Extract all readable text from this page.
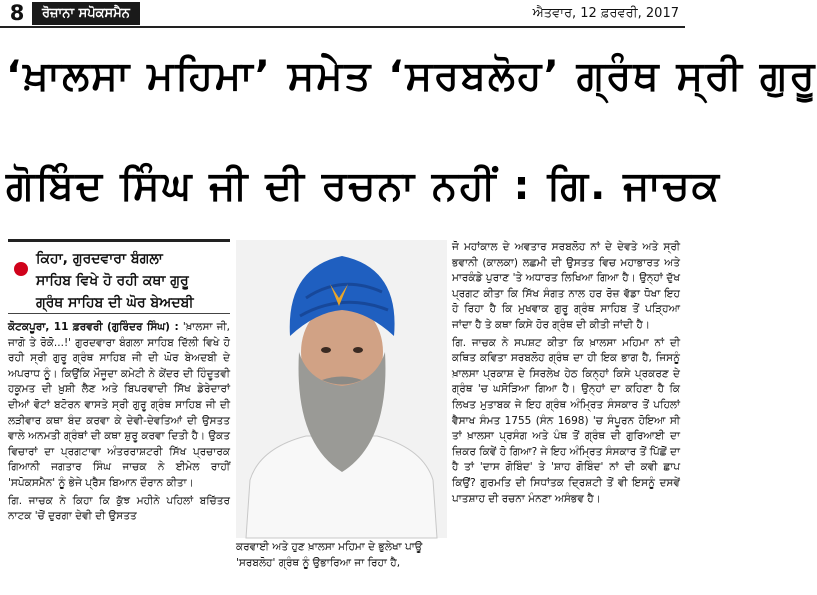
8	ਰੋਜ਼ਾਨਾ ਸਪੋਕਸਮੈਨ	ਐਤਵਾਰ, 12 ਫ਼ਰਵਰੀ, 2017
‘ਖ਼ਾਲਸਾ ਮਹਿਮਾ’ ਸਮੇਤ ‘ਸਰਬਲੋਹ’ ਗ੍ਰੰਥ ਸ੍ਰੀ ਗੁਰੂ
ਗੋਬਿੰਦ ਸਿੰਘ ਜੀ ਦੀ ਰਚਨਾ ਨਹੀਂ : ਗਿ. ਜਾਚਕ
ਕਿਹਾ, ਗੁਰਦਵਾਰਾ ਬੰਗਲਾ
ਸਾਹਿਬ ਵਿਖੇ ਹੋ ਰਹੀ ਕਥਾ ਗੁਰੂ
ਗ੍ਰੰਥ ਸਾਹਿਬ ਦੀ ਘੋਰ ਬੇਅਦਬੀ

ਕੋਟਕਪੂਰਾ, 11 ਫ਼ਰਵਰੀ (ਗੁਰਿੰਦਰ ਸਿੰਘ) : 'ਖ਼ਾਲਸਾ ਜੀ, ਜਾਗੋ ਤੇ ਰੋਕੋ...!' ਗੁਰਦਵਾਰਾ ਬੰਗਲਾ ਸਾਹਿਬ ਦਿੱਲੀ ਵਿਖੇ ਹੋ ਰਹੀ ਸ੍ਰੀ ਗੁਰੂ ਗ੍ਰੰਥ ਸਾਹਿਬ ਜੀ ਦੀ ਘੋਰ ਬੇਅਦਬੀ ਦੇ ਅਪਰਾਧ ਨੂੰ। ਕਿਉਂਕਿ ਮੌਜੂਦਾ ਕਮੇਟੀ ਨੇ ਕੇਂਦਰ ਦੀ ਹਿੰਦੂਤਵੀ ਹਕੂਮਤ ਦੀ ਖ਼ੁਸ਼ੀ ਲੈਣ ਅਤੇ ਬਿਪਰਵਾਦੀ ਸਿੱਖ ਡੇਰੇਦਾਰਾਂ ਦੀਆਂ ਵੋਟਾਂ ਬਟੋਰਨ ਵਾਸਤੇ ਸ੍ਰੀ ਗੁਰੂ ਗ੍ਰੰਥ ਸਾਹਿਬ ਜੀ ਦੀ ਲੜੀਵਾਰ ਕਥਾ ਬੰਦ ਕਰਵਾ ਕੇ ਦੇਵੀ-ਦੇਵਤਿਆਂ ਦੀ ਉਸਤਤ ਵਾਲੇ ਅਨਮਤੀ ਗ੍ਰੰਥਾਂ ਦੀ ਕਥਾ ਸ਼ੁਰੂ ਕਰਵਾ ਦਿਤੀ ਹੈ। ਉਕਤ ਵਿਚਾਰਾਂ ਦਾ ਪ੍ਰਗਟਾਵਾ ਅੰਤਰਰਾਸ਼ਟਰੀ ਸਿੱਖ ਪ੍ਰਚਾਰਕ ਗਿਆਨੀ ਜਗਤਾਰ ਸਿੰਘ ਜਾਚਕ ਨੇ ਈਮੇਲ ਰਾਹੀਂ 'ਸਪੋਕਸਮੈਨ' ਨੂੰ ਭੇਜੇ ਪ੍ਰੈਸ ਬਿਆਨ ਦੌਰਾਨ ਕੀਤਾ।

ਗਿ. ਜਾਚਕ ਨੇ ਕਿਹਾ ਕਿ ਕੁੱਝ ਮਹੀਨੇ ਪਹਿਲਾਂ ਬਚਿੱਤਰ ਨਾਟਕ 'ਚੋਂ ਦੁਰਗਾ ਦੇਵੀ ਦੀ ਉਸਤਤ

ਕਰਵਾਈ ਅਤੇ ਹੁਣ ਖ਼ਾਲਸਾ ਮਹਿਮਾ ਦੇ ਭੁਲੇਖਾ ਪਾਊ 'ਸਰਬਲੋਹ' ਗ੍ਰੰਥ ਨੂੰ ਉਭਾਰਿਆ ਜਾ ਰਿਹਾ ਹੈ,

ਜੋ ਮਹਾਂਕਾਲ ਦੇ ਅਵਤਾਰ ਸਰਬਲੋਹ ਨਾਂ ਦੇ ਦੇਵਤੇ ਅਤੇ ਸ੍ਰੀ ਭਵਾਨੀ (ਕਾਲਕਾ) ਲਛਮੀ ਦੀ ਉਸਤਤ ਵਿਚ ਮਹਾਭਾਰਤ ਅਤੇ ਮਾਰਕੰਡੇ ਪੁਰਾਣ 'ਤੇ ਅਧਾਰਤ ਲਿਖਿਆ ਗਿਆ ਹੈ। ਉਨ੍ਹਾਂ ਦੁੱਖ ਪ੍ਰਗਟ ਕੀਤਾ ਕਿ ਸਿੱਖ ਸੰਗਤ ਨਾਲ ਹਰ ਰੋਜ਼ ਵੱਡਾ ਧੋਖਾ ਇਹ ਹੋ ਰਿਹਾ ਹੈ ਕਿ ਮੁਖਵਾਕ ਗੁਰੂ ਗ੍ਰੰਥ ਸਾਹਿਬ ਤੋਂ ਪੜ੍ਹਿਆ ਜਾਂਦਾ ਹੈ ਤੇ ਕਥਾ ਕਿਸੇ ਹੋਰ ਗ੍ਰੰਥ ਦੀ ਕੀਤੀ ਜਾਂਦੀ ਹੈ।

ਗਿ. ਜਾਚਕ ਨੇ ਸਪਸ਼ਟ ਕੀਤਾ ਕਿ ਖ਼ਾਲਸਾ ਮਹਿਮਾ ਨਾਂ ਦੀ ਕਥਿਤ ਕਵਿਤਾ ਸਰਬਲੋਹ ਗ੍ਰੰਥ ਦਾ ਹੀ ਇਕ ਭਾਗ ਹੈ, ਜਿਸਨੂੰ ਖ਼ਾਲਸਾ ਪ੍ਰਕਾਸ਼ ਦੇ ਸਿਰਲੇਖ ਹੇਠ ਕਿਨ੍ਹਾਂ ਕਿਸੇ ਪ੍ਰਕਰਣ ਦੇ ਗ੍ਰੰਥ 'ਚ ਘਸੋੜਿਆ ਗਿਆ ਹੈ। ਉਨ੍ਹਾਂ ਦਾ ਕਹਿਣਾ ਹੈ ਕਿ ਲਿਖਤ ਮੁਤਾਬਕ ਜੇ ਇਹ ਗ੍ਰੰਥ ਅੰਮ੍ਰਿਤ ਸੰਸਕਾਰ ਤੋਂ ਪਹਿਲਾਂ ਵੈਸਾਖ ਸੰਮਤ 1755 (ਸੰਨ 1698) 'ਚ ਸੰਪੂਰਨ ਹੋਇਆ ਸੀ ਤਾਂ ਖ਼ਾਲਸਾ ਪ੍ਰਸੰਗ ਅਤੇ ਪੰਥ ਤੋਂ ਗ੍ਰੰਥ ਦੀ ਗੁਰਿਆਈ ਦਾ ਜ਼ਿਕਰ ਕਿਵੇਂ ਹੋ ਗਿਆ? ਜੇ ਇਹ ਅੰਮ੍ਰਿਤ ਸੰਸਕਾਰ ਤੋਂ ਪਿੱਛੋਂ ਦਾ ਹੈ ਤਾਂ 'ਦਾਸ ਗੋਬਿੰਦ' ਤੇ 'ਸ਼ਾਹ ਗੋਬਿੰਦ' ਨਾਂ ਦੀ ਕਵੀ ਛਾਪ ਕਿਉਂ? ਗੁਰਮਤਿ ਦੀ ਸਿਧਾਂਤਕ ਦ੍ਰਿਸ਼ਟੀ ਤੋਂ ਵੀ ਇਸਨੂੰ ਦਸਵੇਂ ਪਾਤਸ਼ਾਹ ਦੀ ਰਚਨਾ ਮੰਨਣਾ ਅਸੰਭਵ ਹੈ।
